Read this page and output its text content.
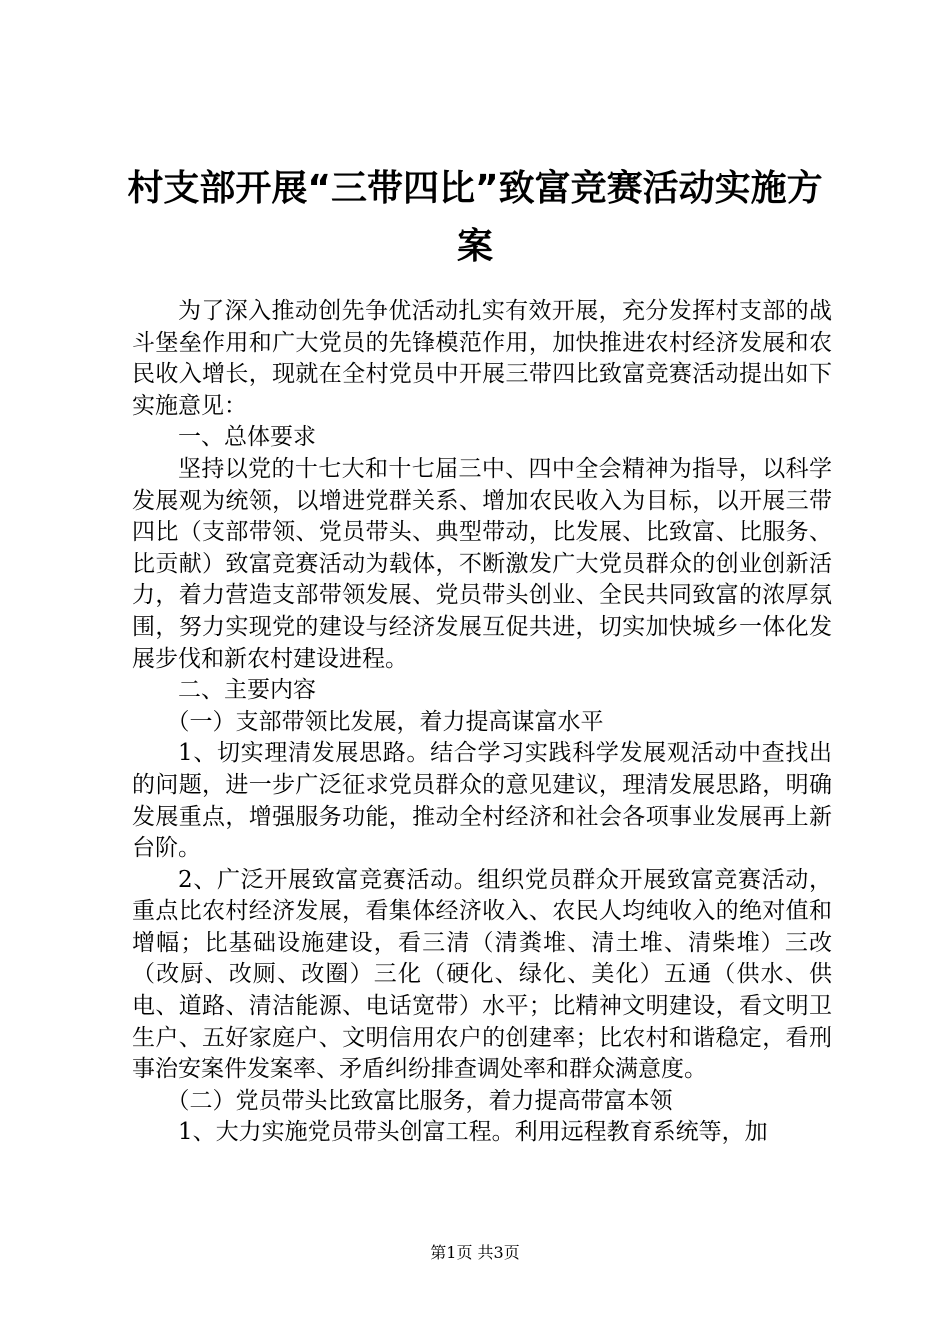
村支部开展“三带四比”致富竞赛活动实施方案

为了深入推动创先争优活动扎实有效开展，充分发挥村支部的战斗堡垒作用和广大党员的先锋模范作用，加快推进农村经济发展和农民收入增长，现就在全村党员中开展三带四比致富竞赛活动提出如下实施意见：

一、总体要求

坚持以党的十七大和十七届三中、四中全会精神为指导，以科学发展观为统领，以增进党群关系、增加农民收入为目标，以开展三带四比（支部带领、党员带头、典型带动，比发展、比致富、比服务、比贡献）致富竞赛活动为载体，不断激发广大党员群众的创业创新活力，着力营造支部带领发展、党员带头创业、全民共同致富的浓厚氛围，努力实现党的建设与经济发展互促共进，切实加快城乡一体化发展步伐和新农村建设进程。

二、主要内容

（一）支部带领比发展，着力提高谋富水平

1、切实理清发展思路。结合学习实践科学发展观活动中查找出的问题，进一步广泛征求党员群众的意见建议，理清发展思路，明确发展重点，增强服务功能，推动全村经济和社会各项事业发展再上新台阶。

2、广泛开展致富竞赛活动。组织党员群众开展致富竞赛活动，重点比农村经济发展，看集体经济收入、农民人均纯收入的绝对值和增幅；比基础设施建设，看三清（清粪堆、清土堆、清柴堆）三改（改厨、改厕、改圈）三化（硬化、绿化、美化）五通（供水、供电、道路、清洁能源、电话宽带）水平；比精神文明建设，看文明卫生户、五好家庭户、文明信用农户的创建率；比农村和谐稳定，看刑事治安案件发案率、矛盾纠纷排查调处率和群众满意度。

（二）党员带头比致富比服务，着力提高带富本领

1、大力实施党员带头创富工程。利用远程教育系统等，加

第1页 共3页
